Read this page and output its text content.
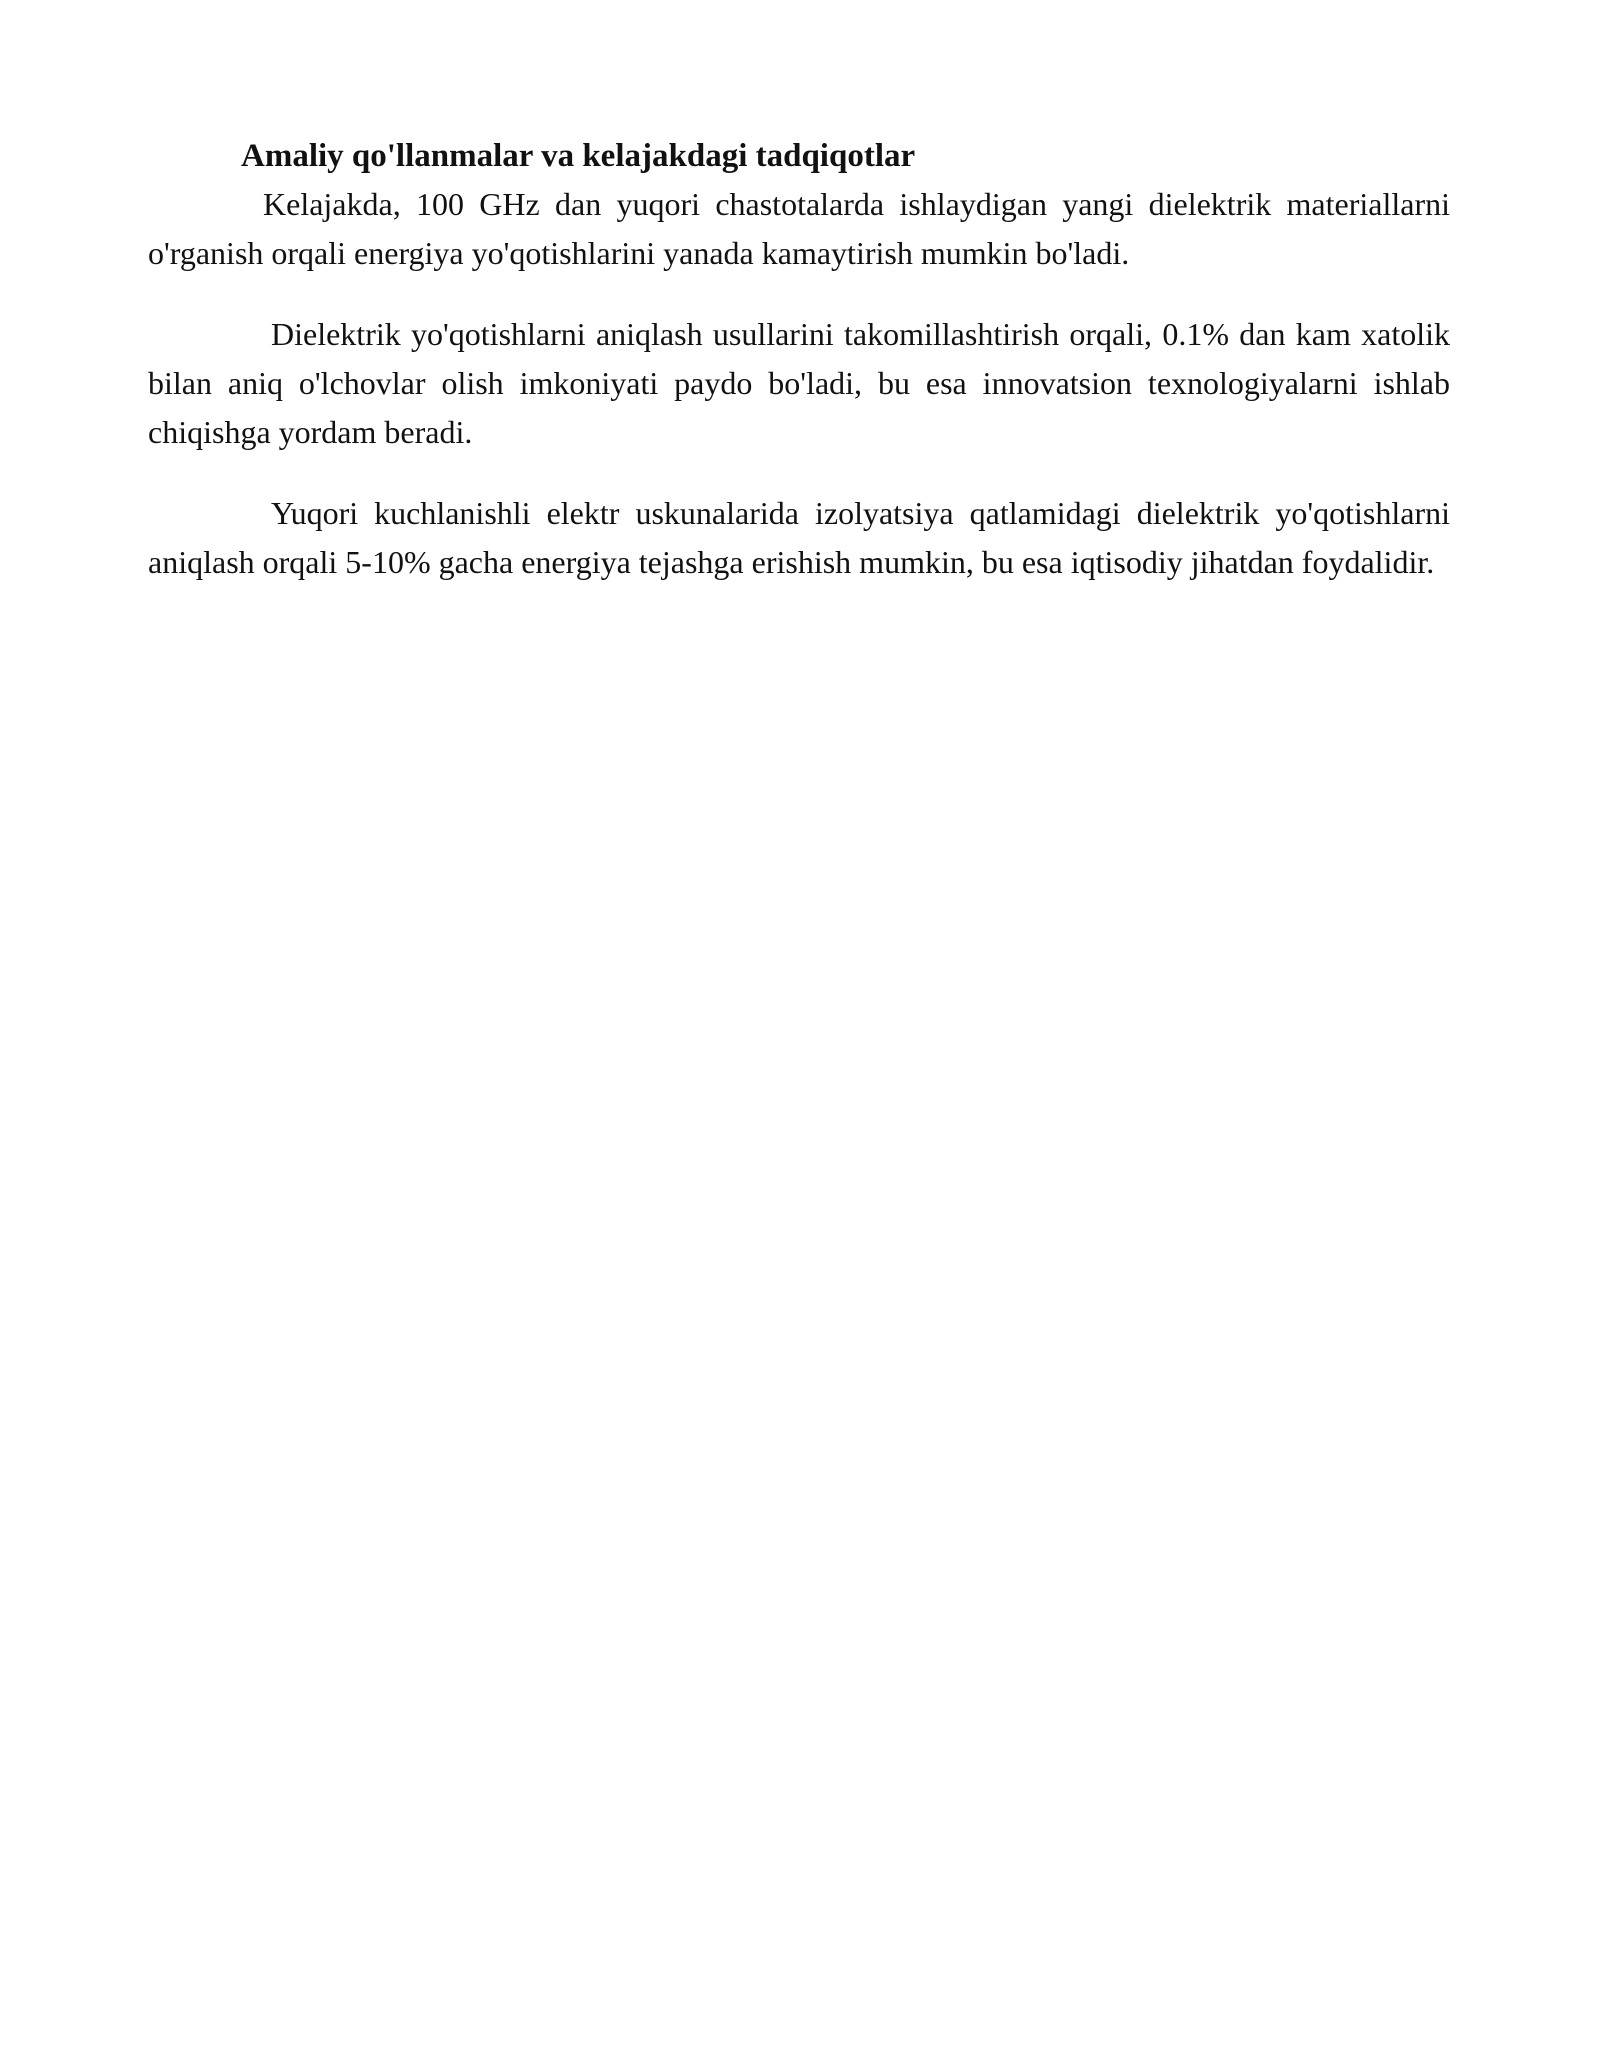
Amaliy qo'llanmalar va kelajakdagi tadqiqotlar

Kelajakda, 100 GHz dan yuqori chastotalarda ishlaydigan yangi dielektrik materiallarni o'rganish orqali energiya yo'qotishlarini yanada kamaytirish mumkin bo'ladi.

Dielektrik yo'qotishlarni aniqlash usullarini takomillashtirish orqali, 0.1% dan kam xatolik bilan aniq o'lchovlar olish imkoniyati paydo bo'ladi, bu esa innovatsion texnologiyalarni ishlab chiqishga yordam beradi.

Yuqori kuchlanishli elektr uskunalarida izolyatsiya qatlamidagi dielektrik yo'qotishlarni aniqlash orqali 5-10% gacha energiya tejashga erishish mumkin, bu esa iqtisodiy jihatdan foydalidir.
